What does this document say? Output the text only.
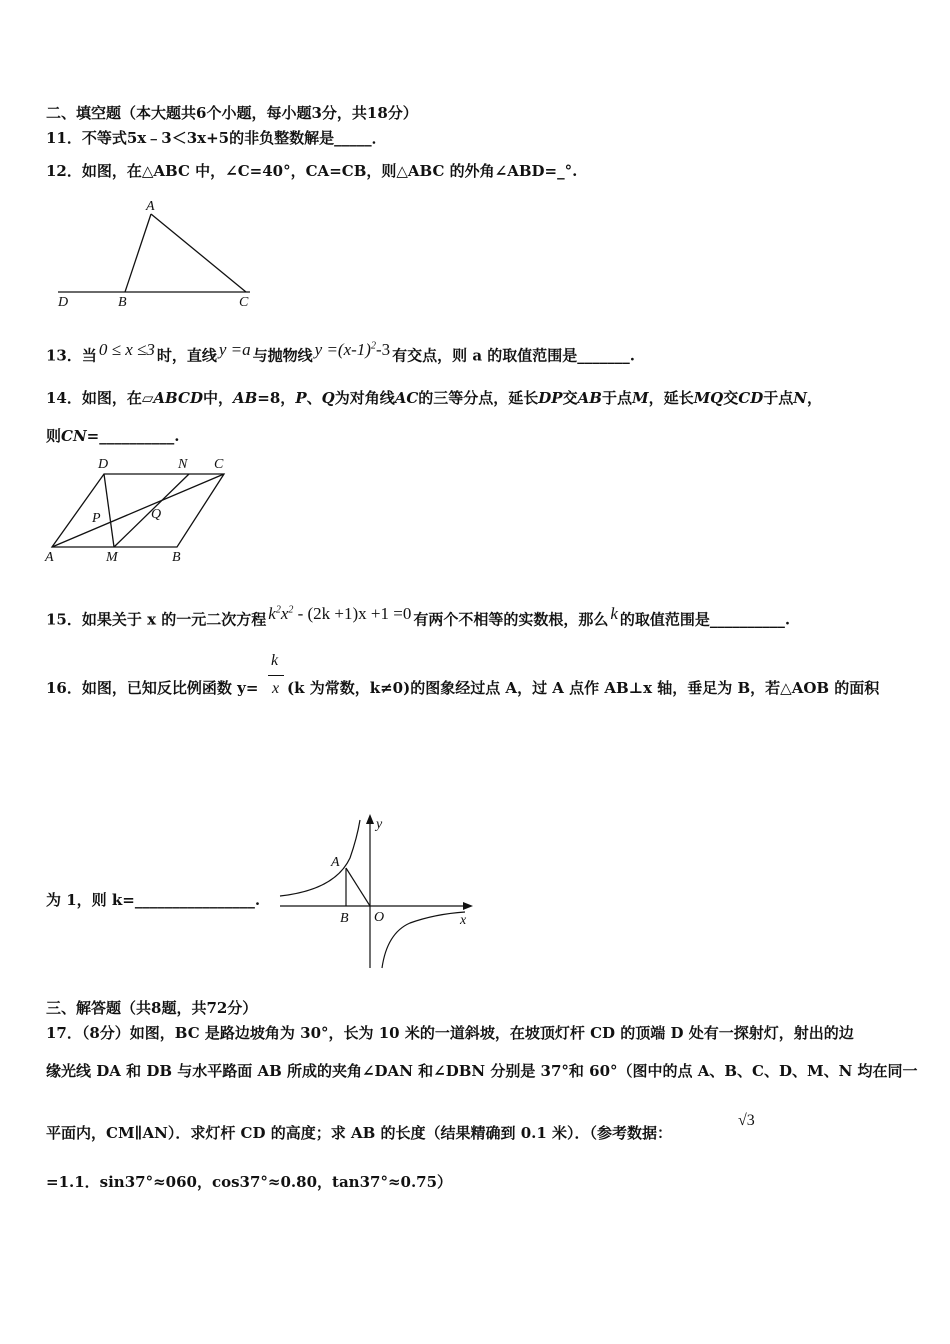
二、填空题（本大题共6个小题，每小题3分，共18分）
11．不等式5x﹣3＜3x+5的非负整数解是_____．
12．如图，在△ABC 中，∠C=40°，CA=CB，则△ABC 的外角∠ABD=_°.
A
B	C
D
13．当 0 ≤ x ≤3 时，直线 y =a 与抛物线 $y =(x-1)^2-3$ 有交点，则 a 的取值范围是_______.
14．如图，在▱ABCD中，AB=8，P、Q为对角线AC的三等分点，延长DP交AB于点M，延长MQ交CD于点N，
则CN=__________.
D	N C
P	Q
A	M	B
15．如果关于 x 的一元二次方程 $k^2x^2 - (2k +1)x +1 =0$ 有两个不相等的实数根，那么 k 的取值范围是__________.
16．如图，已知反比例函数 y=
k
x (k 为常数，k≠0)的图象经过点 A，过 A 点作 AB⊥x 轴，垂足为 B，若△AOB 的面积
为 1，则 k=________________.
A
B O	x
y
三、解答题（共8题，共72分）
17．（8分）如图，BC 是路边坡角为 30°，长为 10 米的一道斜坡，在坡顶灯杆 CD 的顶端 D 处有一探射灯，射出的边
缘光线 DA 和 DB 与水平路面 AB 所成的夹角∠DAN 和∠DBN 分别是 37°和 60°（图中的点 A、B、C、D、M、N 均在同一
平面内，CM∥AN）．求灯杆 CD 的高度；求 AB 的长度（结果精确到 0.1 米）．（参考数据：
√3
=1.1．sin37°≈060，cos37°≈0.80，tan37°≈0.75）
